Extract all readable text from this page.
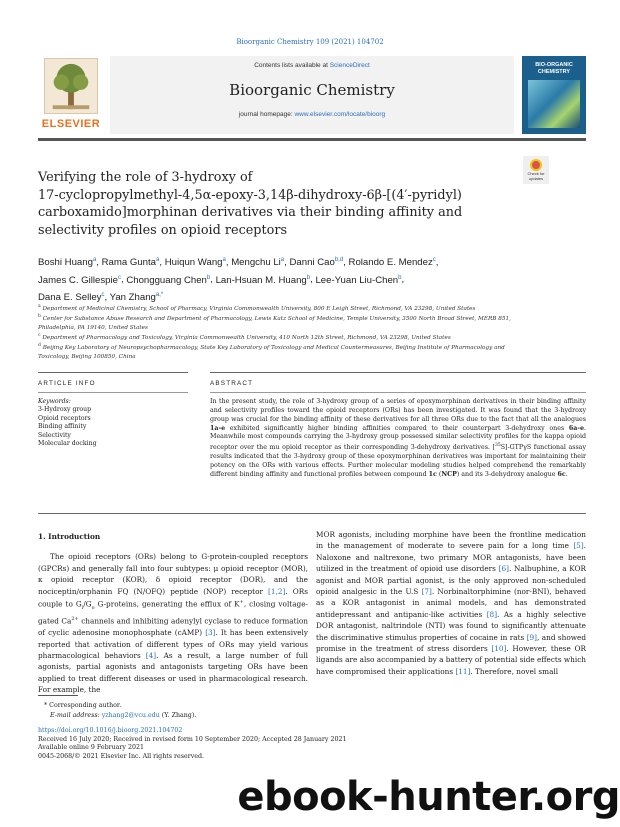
Bioorganic Chemistry 109 (2021) 104702
ELSEVIER
Contents lists available at ScienceDirect
Bioorganic Chemistry
journal homepage: www.elsevier.com/locate/bioorg
BIO-ORGANIC CHEMISTRY
Check for updates
Verifying the role of 3-hydroxy of
17-cyclopropylmethyl-4,5α-epoxy-3,14β-dihydroxy-6β-[(4′-pyridyl)
carboxamido]morphinan derivatives via their binding affinity and
selectivity profiles on opioid receptors
Boshi Huang$^a$, Rama Gunta$^a$, Huiqun Wang$^a$, Mengchu Li$^a$, Danni Cao$^{b,d}$, Rolando E. Mendez$^c$,
James C. Gillespie$^c$, Chongguang Chen$^b$, Lan-Hsuan M. Huang$^b$, Lee-Yuan Liu-Chen$^b$,
Dana E. Selley$^c$, Yan Zhang$^{a,*}$
$^a$ Department of Medicinal Chemistry, School of Pharmacy, Virginia Commonwealth University, 800 E Leigh Street, Richmond, VA 23298, United States
$^b$ Center for Substance Abuse Research and Department of Pharmacology, Lewis Katz School of Medicine, Temple University, 3500 North Broad Street, MERB 851, Philadelphia, PA 19140, United States
$^c$ Department of Pharmacology and Toxicology, Virginia Commonwealth University, 410 North 12th Street, Richmond, VA 23298, United States
$^d$ Beijing Key Laboratory of Neuropsychopharmacology, State Key Laboratory of Toxicology and Medical Countermeasures, Beijing Institute of Pharmacology and Toxicology, Beijing 100850, China
ARTICLE INFO	ABSTRACT
Keywords:
3-Hydroxy group
Opioid receptors
Binding affinity
Selectivity
Molecular docking
In the present study, the role of 3-hydroxy group of a series of epoxymorphinan derivatives in their binding affinity and selectivity profiles toward the opioid receptors (ORs) has been investigated. It was found that the 3-hydroxy group was crucial for the binding affinity of these derivatives for all three ORs due to the fact that all the analogues 1a-e exhibited significantly higher binding affinities compared to their counterpart 3-dehydroxy ones 6a-e. Meanwhile most compounds carrying the 3-hydroxy group possessed similar selectivity profiles for the kappa opioid receptor over the mu opioid receptor as their corresponding 3-dehydroxy derivatives. [$^{35}$S]-GTPγS functional assay results indicated that the 3-hydroxy group of these epoxymorphinan derivatives was important for maintaining their potency on the ORs with various effects. Further molecular modeling studies helped comprehend the remarkably different binding affinity and functional profiles between compound 1c (NCP) and its 3-dehydroxy analogue 6c.
1. Introduction
The opioid receptors (ORs) belong to G-protein-coupled receptors (GPCRs) and generally fall into four subtypes: μ opioid receptor (MOR), κ opioid receptor (KOR), δ opioid receptor (DOR), and the nociceptin/orphanin FQ (N/OFQ) peptide (NOP) receptor [1,2]. ORs couple to $G_i/G_o$ G-proteins, generating the efflux of K+, closing voltage-gated $Ca^{2+}$ channels and inhibiting adenylyl cyclase to reduce formation of cyclic adenosine monophosphate (cAMP) [3]. It has been extensively reported that activation of different types of ORs may yield various pharmacological behaviors [4]. As a result, a large number of full agonists, partial agonists and antagonists targeting ORs have been applied to treat different diseases or used in pharmacological research. For example, the
MOR agonists, including morphine have been the frontline medication in the management of moderate to severe pain for a long time [5]. Naloxone and naltrexone, two primary MOR antagonists, have been utilized in the treatment of opioid use disorders [6]. Nalbuphine, a KOR agonist and MOR partial agonist, is the only approved non-scheduled opioid analgesic in the U.S [7]. Norbinaltorphimine (nor-BNI), behaved as a KOR antagonist in animal models, and has demonstrated antidepressant and antipanic-like activities [8]. As a highly selective DOR antagonist, naltrindole (NTI) was found to significantly attenuate the discriminative stimulus properties of cocaine in rats [9], and showed promise in the treatment of stress disorders [10]. However, these OR ligands are also accompanied by a battery of potential side effects which have compromised their applications [11]. Therefore, novel small
* Corresponding author.
E-mail address: yzhang2@vcu.edu (Y. Zhang).
https://doi.org/10.1016/j.bioorg.2021.104702
Received 16 July 2020; Received in revised form 10 September 2020; Accepted 28 January 2021
Available online 9 February 2021
0045-2068/© 2021 Elsevier Inc. All rights reserved.
ebook-hunter.org
